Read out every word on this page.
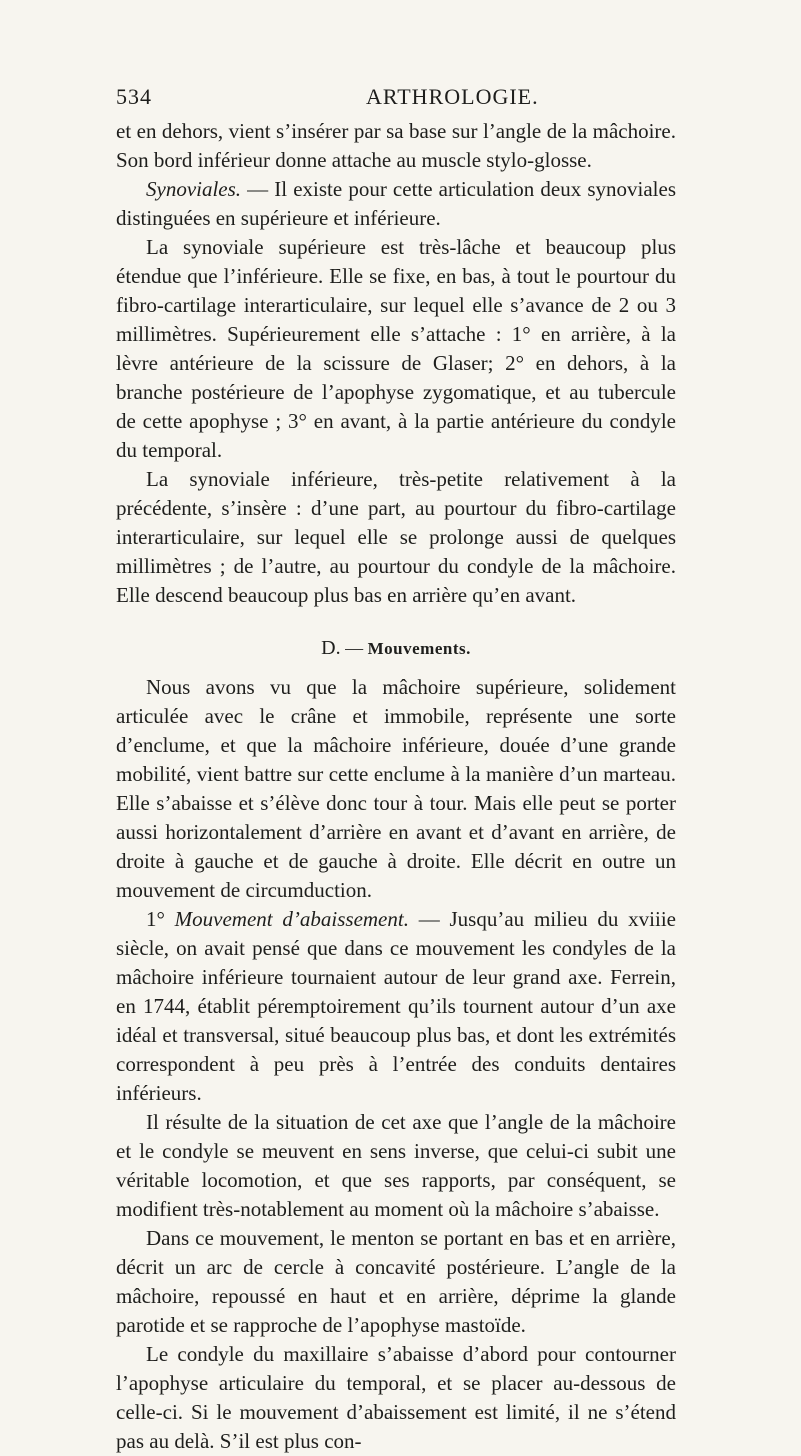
534	ARTHROLOGIE.

et en dehors, vient s’insérer par sa base sur l’angle de la mâchoire. Son bord inférieur donne attache au muscle stylo-glosse.

Synoviales. — Il existe pour cette articulation deux synoviales distinguées en supérieure et inférieure.

La synoviale supérieure est très-lâche et beaucoup plus étendue que l’inférieure. Elle se fixe, en bas, à tout le pourtour du fibro-cartilage interarticulaire, sur lequel elle s’avance de 2 ou 3 millimètres. Supérieurement elle s’attache : 1° en arrière, à la lèvre antérieure de la scissure de Glaser; 2° en dehors, à la branche postérieure de l’apophyse zygomatique, et au tubercule de cette apophyse ; 3° en avant, à la partie antérieure du condyle du temporal.

La synoviale inférieure, très-petite relativement à la précédente, s’insère : d’une part, au pourtour du fibro-cartilage interarticulaire, sur lequel elle se prolonge aussi de quelques millimètres ; de l’autre, au pourtour du condyle de la mâchoire. Elle descend beaucoup plus bas en arrière qu’en avant.

D. — Mouvements.

Nous avons vu que la mâchoire supérieure, solidement articulée avec le crâne et immobile, représente une sorte d’enclume, et que la mâchoire inférieure, douée d’une grande mobilité, vient battre sur cette enclume à la manière d’un marteau. Elle s’abaisse et s’élève donc tour à tour. Mais elle peut se porter aussi horizontalement d’arrière en avant et d’avant en arrière, de droite à gauche et de gauche à droite. Elle décrit en outre un mouvement de circumduction.

1° Mouvement d’abaissement. — Jusqu’au milieu du xviiie siècle, on avait pensé que dans ce mouvement les condyles de la mâchoire inférieure tournaient autour de leur grand axe. Ferrein, en 1744, établit péremptoirement qu’ils tournent autour d’un axe idéal et transversal, situé beaucoup plus bas, et dont les extrémités correspondent à peu près à l’entrée des conduits dentaires inférieurs.

Il résulte de la situation de cet axe que l’angle de la mâchoire et le condyle se meuvent en sens inverse, que celui-ci subit une véritable locomotion, et que ses rapports, par conséquent, se modifient très-notablement au moment où la mâchoire s’abaisse.

Dans ce mouvement, le menton se portant en bas et en arrière, décrit un arc de cercle à concavité postérieure. L’angle de la mâchoire, repoussé en haut et en arrière, déprime la glande parotide et se rapproche de l’apophyse mastoïde.

Le condyle du maxillaire s’abaisse d’abord pour contourner l’apophyse articulaire du temporal, et se placer au-dessous de celle-ci. Si le mouvement d’abaissement est limité, il ne s’étend pas au delà. S’il est plus con-
